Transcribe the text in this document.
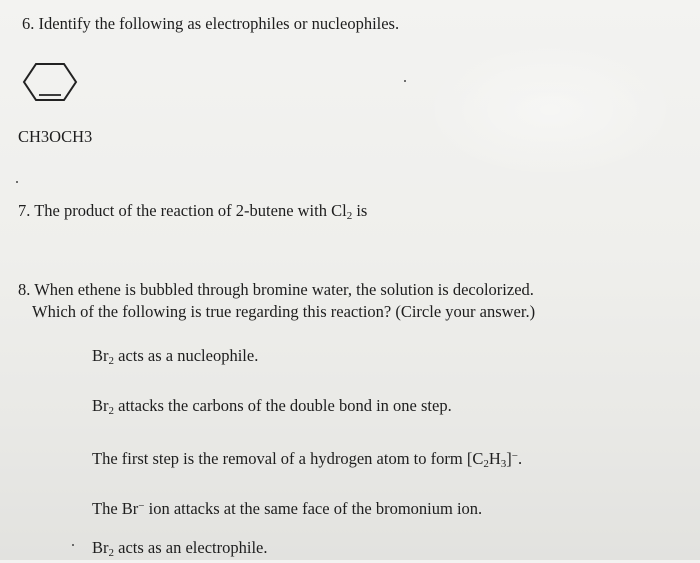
6. Identify the following as electrophiles or nucleophiles.
CH3OCH3
7. The product of the reaction of 2-butene with $Cl_2$ is
8. When ethene is bubbled through bromine water, the solution is decolorized.
Which of the following is true regarding this reaction? (Circle your answer.)
$Br_2$ acts as a nucleophile.
$Br_2$ attacks the carbons of the double bond in one step.
The first step is the removal of a hydrogen atom to form $[C_2H_3]^-$.
The Br− ion attacks at the same face of the bromonium ion.
$Br_2$ acts as an electrophile.
